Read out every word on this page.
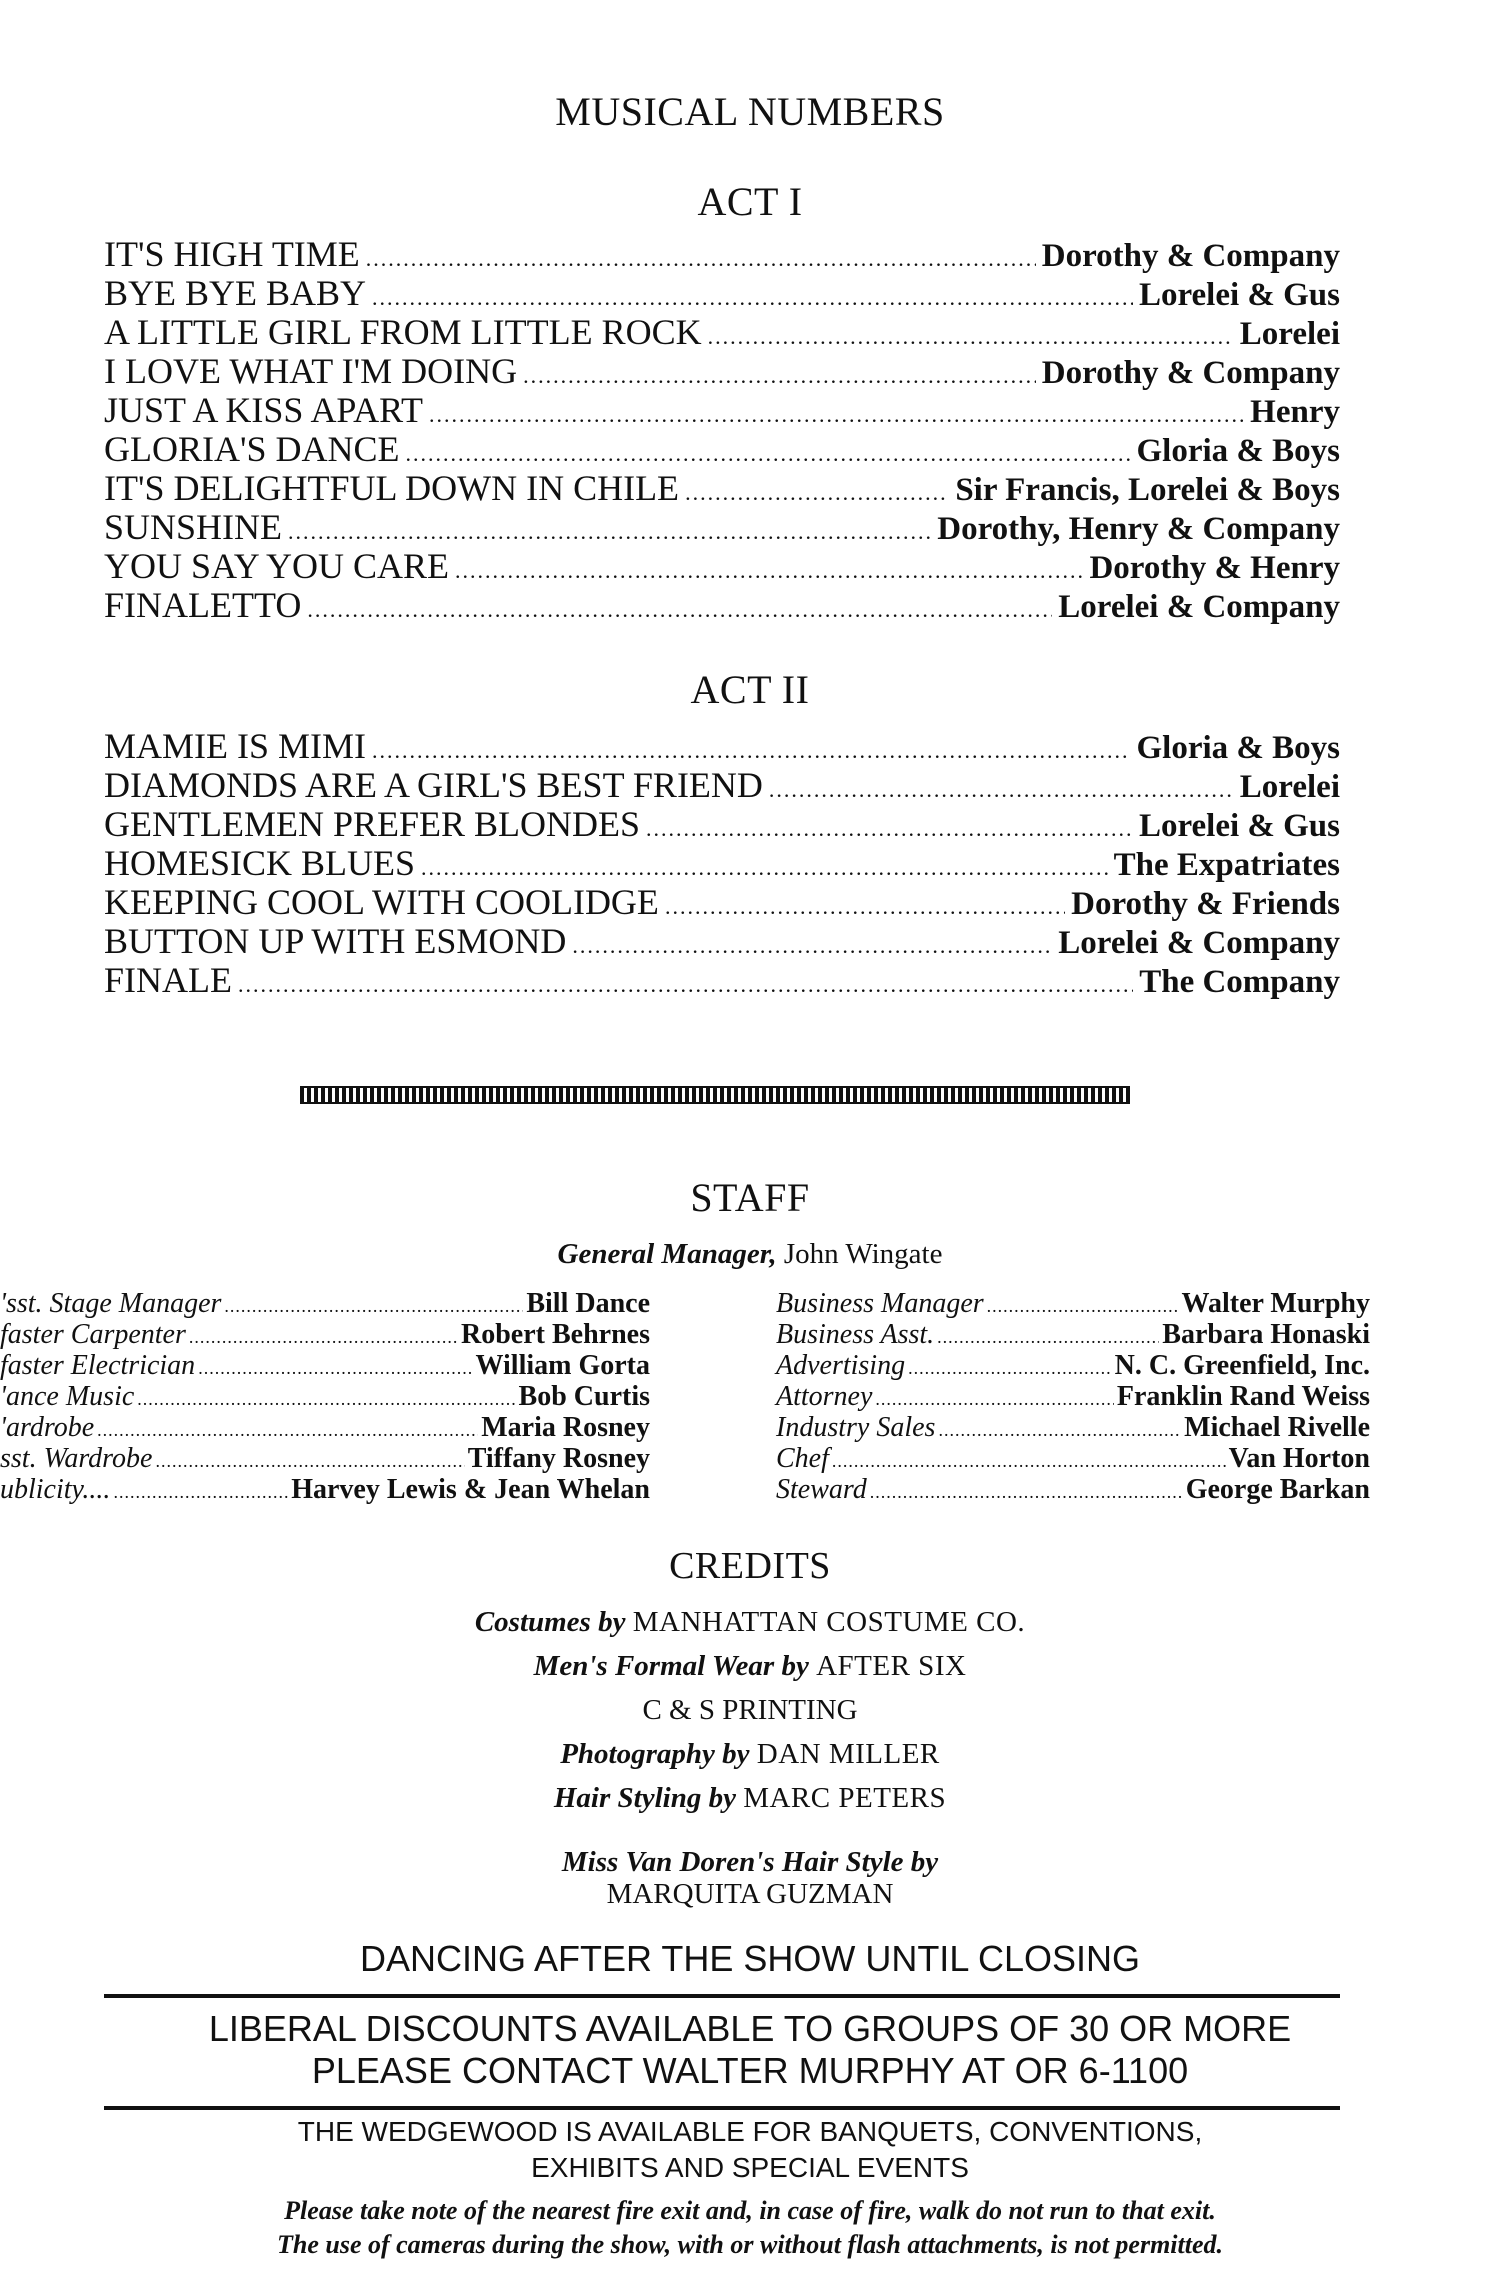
MUSICAL NUMBERS
ACT I
IT'S HIGH TIME .....	Dorothy & Company
BYE BYE BABY .....	Lorelei & Gus
A LITTLE GIRL FROM LITTLE ROCK .....	Lorelei
I LOVE WHAT I'M DOING .....	Dorothy & Company
JUST A KISS APART .....	Henry
GLORIA'S DANCE .....	Gloria & Boys
IT'S DELIGHTFUL DOWN IN CHILE .....	Sir Francis, Lorelei & Boys
SUNSHINE .....	Dorothy, Henry & Company
YOU SAY YOU CARE .....	Dorothy & Henry
FINALETTO .....	Lorelei & Company
ACT II
MAMIE IS MIMI .....	Gloria & Boys
DIAMONDS ARE A GIRL'S BEST FRIEND .....	Lorelei
GENTLEMEN PREFER BLONDES .....	Lorelei & Gus
HOMESICK BLUES .....	The Expatriates
KEEPING COOL WITH COOLIDGE .....	Dorothy & Friends
BUTTON UP WITH ESMOND .....	Lorelei & Company
FINALE .....	The Company
STAFF
General Manager, John Wingate
'sst. Stage Manager .....	Bill Dance
faster Carpenter .....	Robert Behrnes
faster Electrician .....	William Gorta
'ance Music .....	Bob Curtis
'ardrobe .....	Maria Rosney
sst. Wardrobe .....	Tiffany Rosney
ublicity.... .....	Harvey Lewis & Jean Whelan
Business Manager .....	Walter Murphy
Business Asst. .....	Barbara Honaski
Advertising .....	N. C. Greenfield, Inc.
Attorney .....	Franklin Rand Weiss
Industry Sales .....	Michael Rivelle
Chef .....	Van Horton
Steward .....	George Barkan
CREDITS
Costumes by MANHATTAN COSTUME CO.
Men's Formal Wear by AFTER SIX
C & S PRINTING
Photography by DAN MILLER
Hair Styling by MARC PETERS
Miss Van Doren's Hair Style by
MARQUITA GUZMAN
DANCING AFTER THE SHOW UNTIL CLOSING
LIBERAL DISCOUNTS AVAILABLE TO GROUPS OF 30 OR MORE
PLEASE CONTACT WALTER MURPHY AT OR 6-1100
THE WEDGEWOOD IS AVAILABLE FOR BANQUETS, CONVENTIONS,
EXHIBITS AND SPECIAL EVENTS
Please take note of the nearest fire exit and, in case of fire, walk do not run to that exit.
The use of cameras during the show, with or without flash attachments, is not permitted.
